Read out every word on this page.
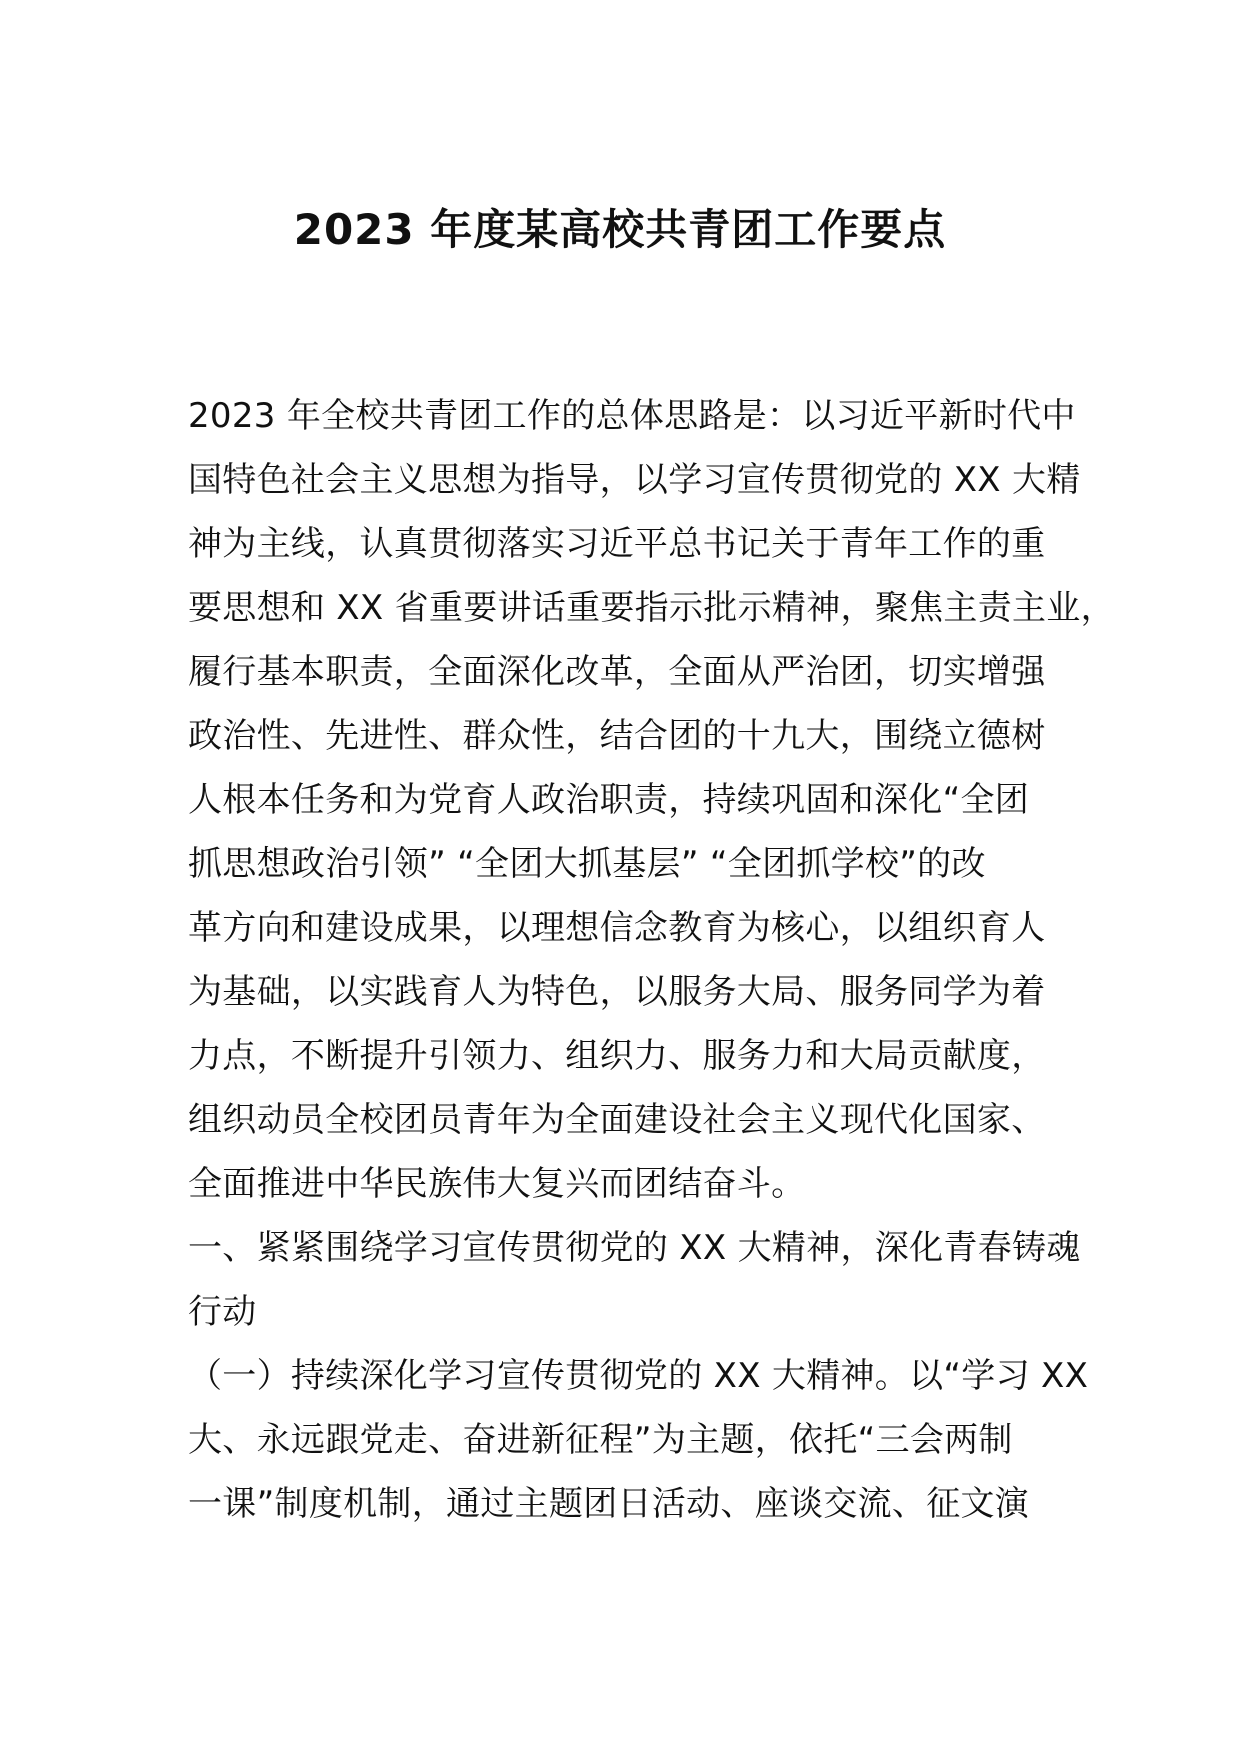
2023 年度某高校共青团工作要点
2023 年全校共青团工作的总体思路是：以习近平新时代中
国特色社会主义思想为指导，以学习宣传贯彻党的 XX 大精
神为主线，认真贯彻落实习近平总书记关于青年工作的重
要思想和 XX 省重要讲话重要指示批示精神，聚焦主责主业，
履行基本职责，全面深化改革，全面从严治团，切实增强
政治性、先进性、群众性，结合团的十九大，围绕立德树
人根本任务和为党育人政治职责，持续巩固和深化“全团
抓思想政治引领” “全团大抓基层” “全团抓学校”的改
革方向和建设成果，以理想信念教育为核心，以组织育人
为基础，以实践育人为特色，以服务大局、服务同学为着
力点，不断提升引领力、组织力、服务力和大局贡献度，
组织动员全校团员青年为全面建设社会主义现代化国家、
全面推进中华民族伟大复兴而团结奋斗。
一、紧紧围绕学习宣传贯彻党的 XX 大精神，深化青春铸魂
行动
（一）持续深化学习宣传贯彻党的 XX 大精神。以“学习 XX
大、永远跟党走、奋进新征程”为主题，依托“三会两制
一课”制度机制，通过主题团日活动、座谈交流、征文演
